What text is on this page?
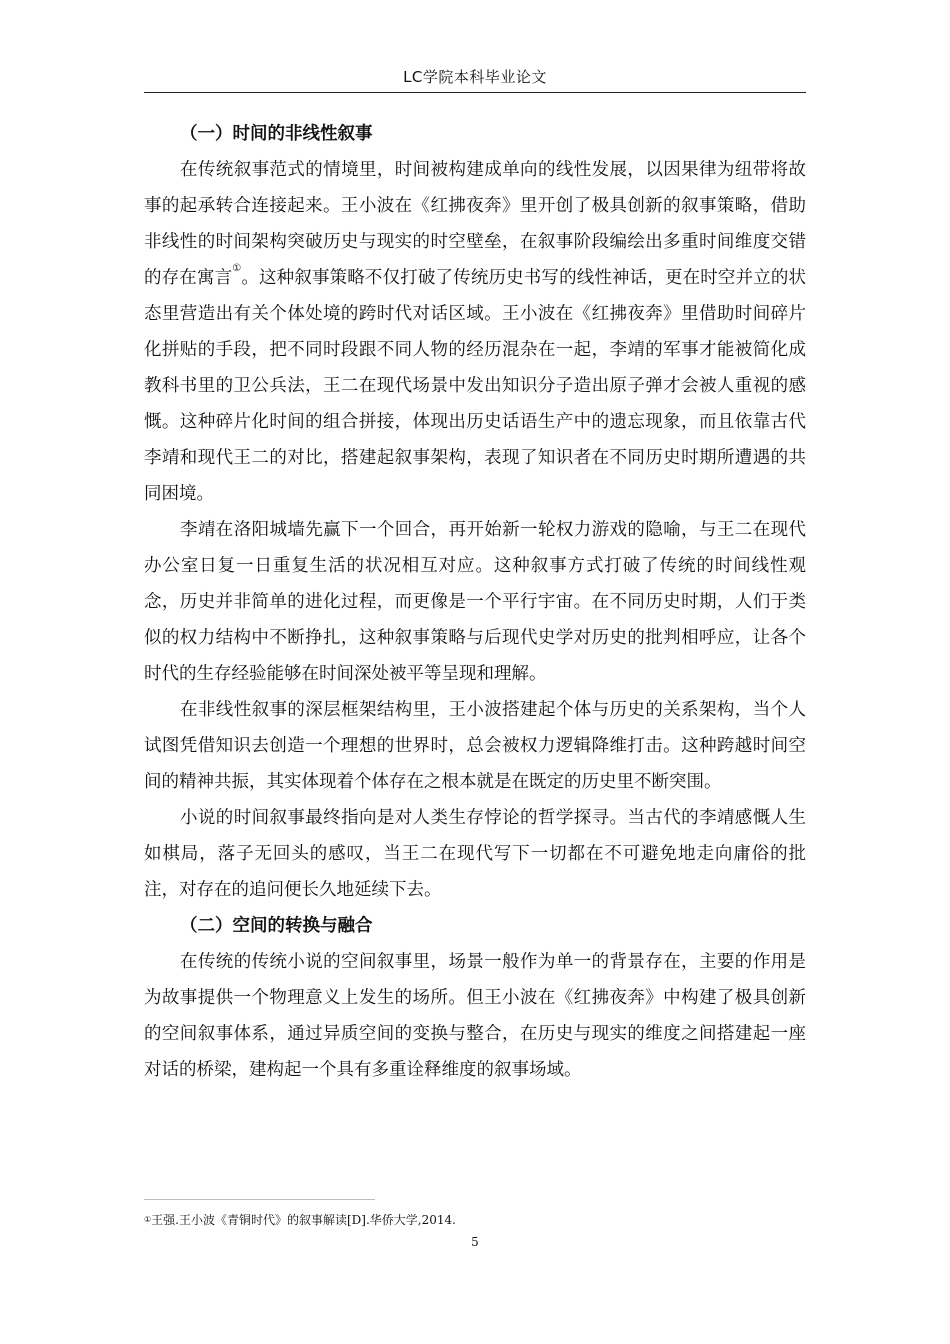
LC学院本科毕业论文
（一）时间的非线性叙事

在传统叙事范式的情境里，时间被构建成单向的线性发展，以因果律为纽带将故事的起承转合连接起来。王小波在《红拂夜奔》里开创了极具创新的叙事策略，借助非线性的时间架构突破历史与现实的时空壁垒，在叙事阶段编绘出多重时间维度交错的存在寓言①。这种叙事策略不仅打破了传统历史书写的线性神话，更在时空并立的状态里营造出有关个体处境的跨时代对话区域。王小波在《红拂夜奔》里借助时间碎片化拼贴的手段，把不同时段跟不同人物的经历混杂在一起，李靖的军事才能被简化成教科书里的卫公兵法，王二在现代场景中发出知识分子造出原子弹才会被人重视的感慨。这种碎片化时间的组合拼接，体现出历史话语生产中的遗忘现象，而且依靠古代李靖和现代王二的对比，搭建起叙事架构，表现了知识者在不同历史时期所遭遇的共同困境。

李靖在洛阳城墙先赢下一个回合，再开始新一轮权力游戏的隐喻，与王二在现代办公室日复一日重复生活的状况相互对应。这种叙事方式打破了传统的时间线性观念，历史并非简单的进化过程，而更像是一个平行宇宙。在不同历史时期，人们于类似的权力结构中不断挣扎，这种叙事策略与后现代史学对历史的批判相呼应，让各个时代的生存经验能够在时间深处被平等呈现和理解。

在非线性叙事的深层框架结构里，王小波搭建起个体与历史的关系架构，当个人试图凭借知识去创造一个理想的世界时，总会被权力逻辑降维打击。这种跨越时间空间的精神共振，其实体现着个体存在之根本就是在既定的历史里不断突围。

小说的时间叙事最终指向是对人类生存悖论的哲学探寻。当古代的李靖感慨人生如棋局，落子无回头的感叹，当王二在现代写下一切都在不可避免地走向庸俗的批注，对存在的追问便长久地延续下去。

（二）空间的转换与融合

在传统的传统小说的空间叙事里，场景一般作为单一的背景存在，主要的作用是为故事提供一个物理意义上发生的场所。但王小波在《红拂夜奔》中构建了极具创新的空间叙事体系，通过异质空间的变换与整合，在历史与现实的维度之间搭建起一座对话的桥梁，建构起一个具有多重诠释维度的叙事场域。

①王强.王小波《青铜时代》的叙事解读[D].华侨大学,2014.
5
